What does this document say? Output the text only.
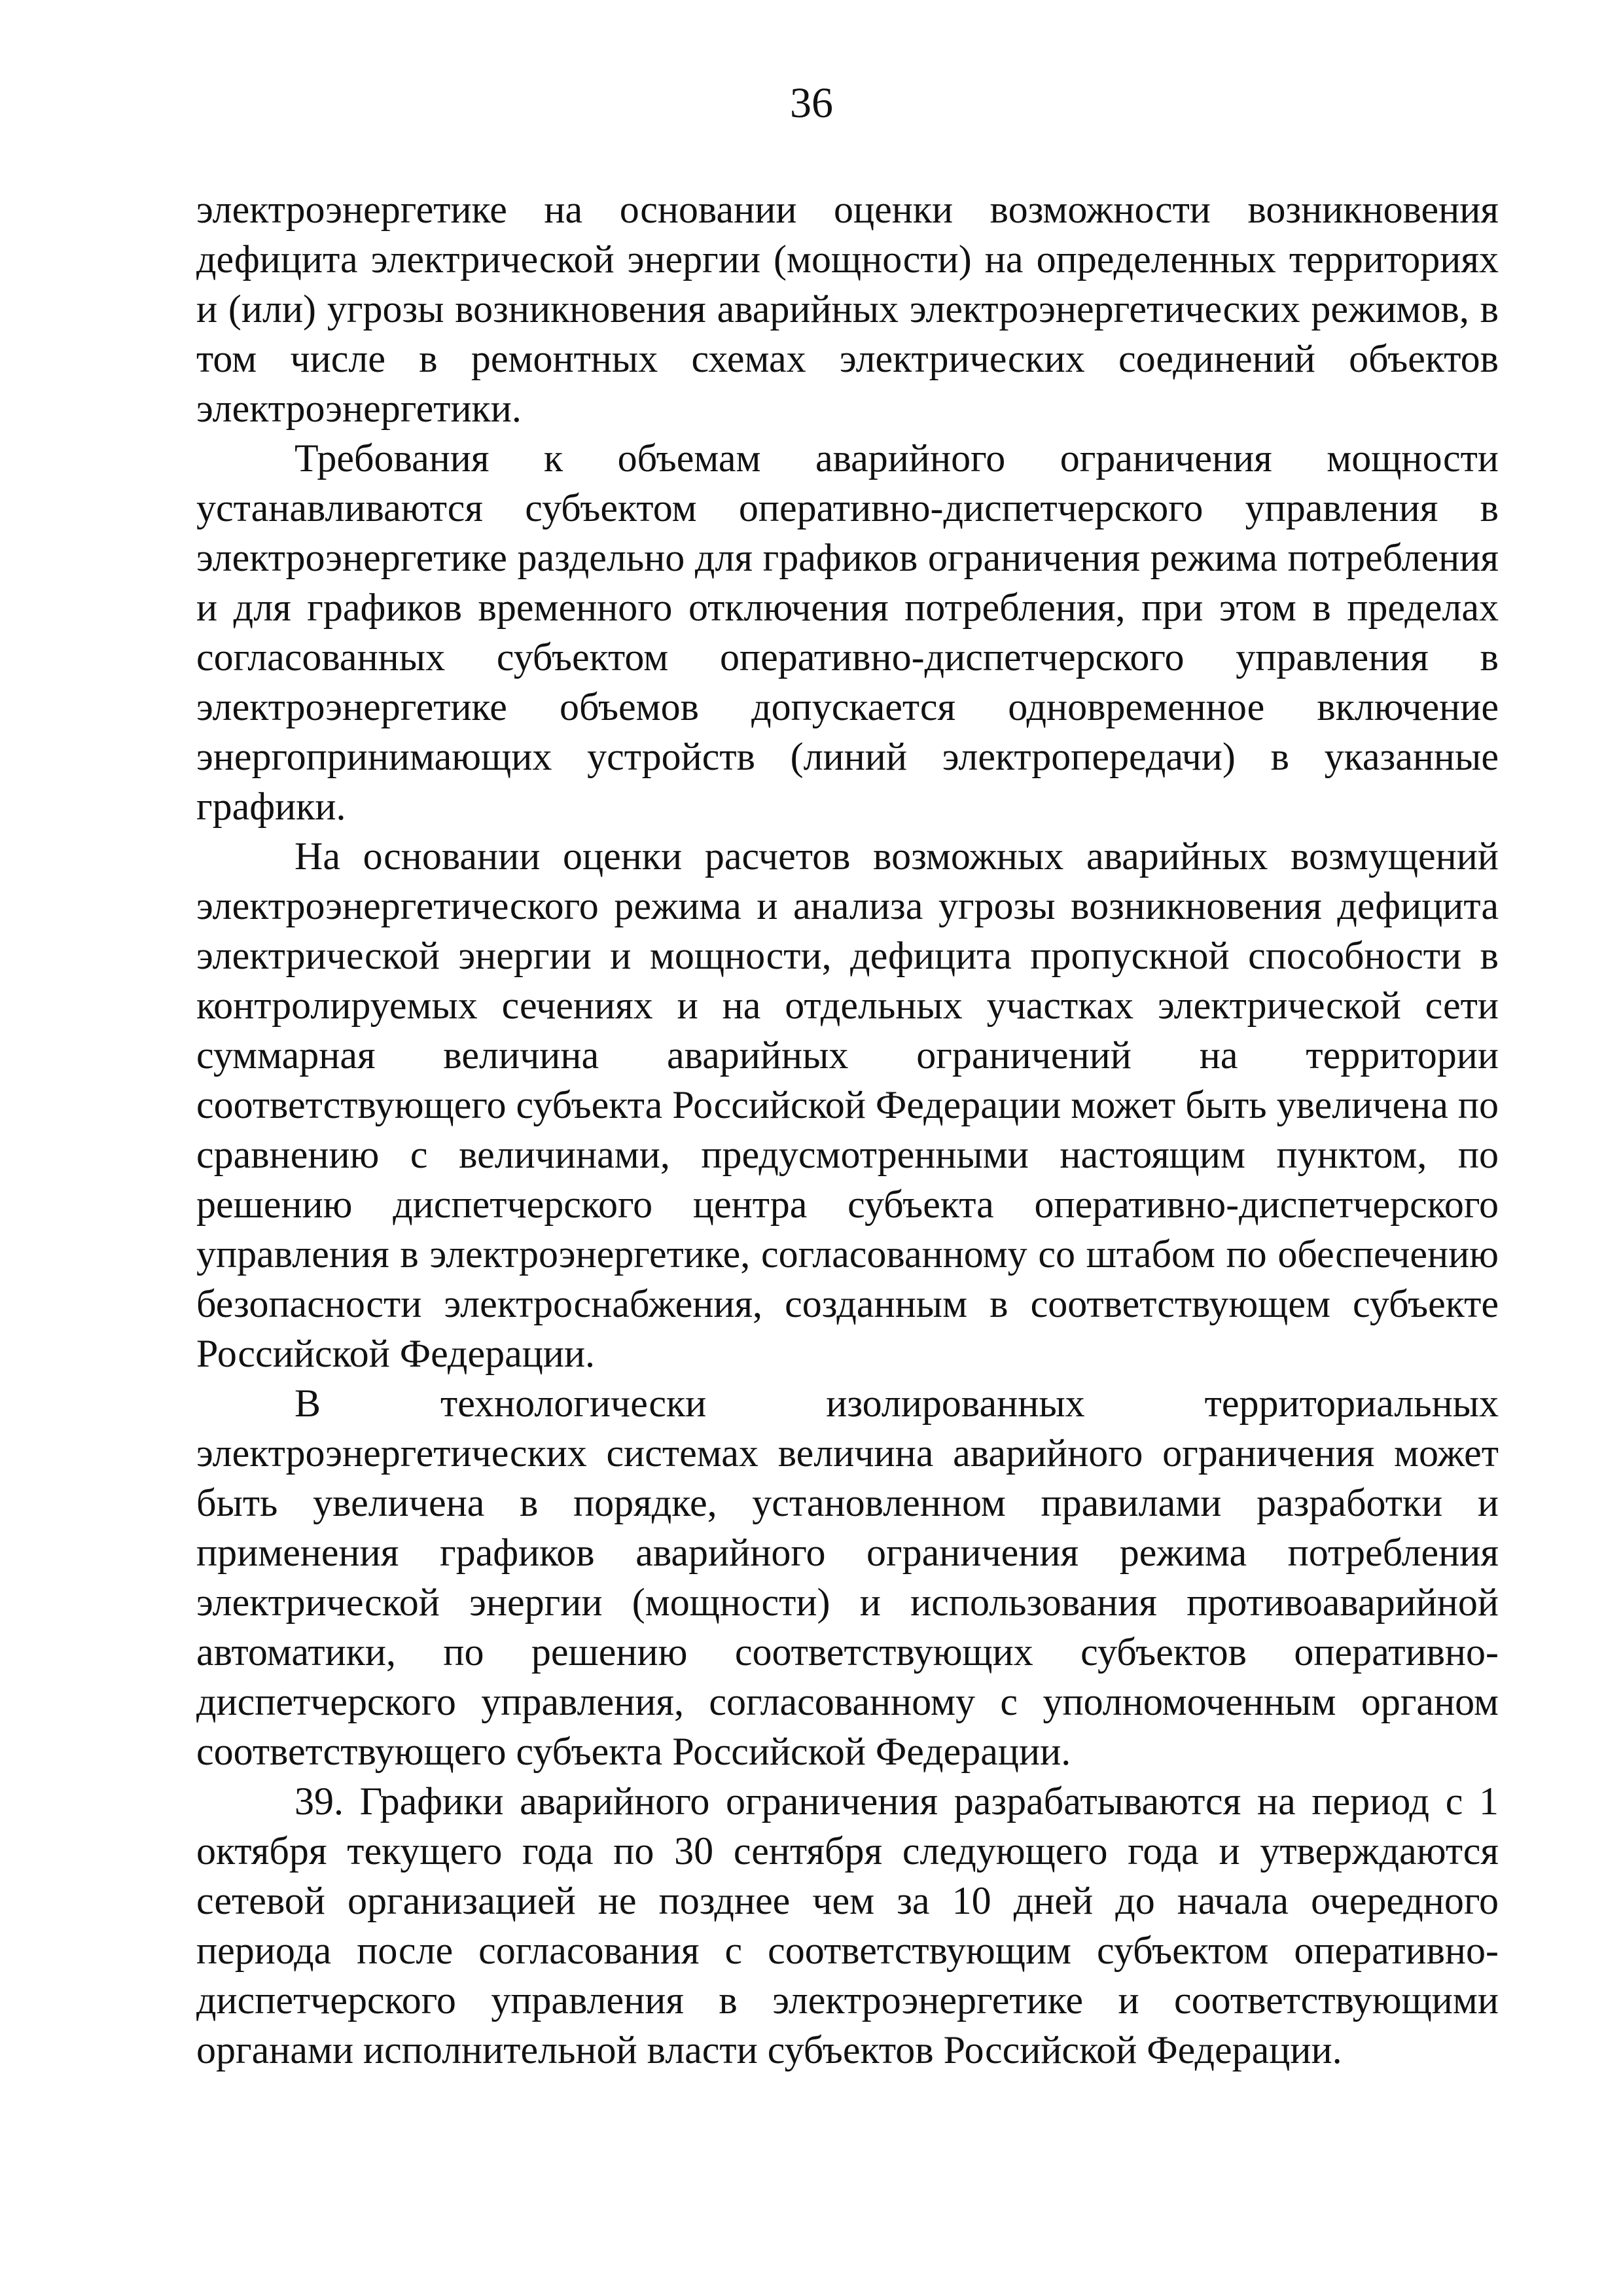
36

электроэнергетике на основании оценки возможности возникновения дефицита электрической энергии (мощности) на определенных территориях и (или) угрозы возникновения аварийных электроэнергетических режимов, в том числе в ремонтных схемах электрических соединений объектов электроэнергетики.

Требования к объемам аварийного ограничения мощности устанавливаются субъектом оперативно-диспетчерского управления в электроэнергетике раздельно для графиков ограничения режима потребления и для графиков временного отключения потребления, при этом в пределах согласованных субъектом оперативно-диспетчерского управления в электроэнергетике объемов допускается одновременное включение энергопринимающих устройств (линий электропередачи) в указанные графики.

На основании оценки расчетов возможных аварийных возмущений электроэнергетического режима и анализа угрозы возникновения дефицита электрической энергии и мощности, дефицита пропускной способности в контролируемых сечениях и на отдельных участках электрической сети суммарная величина аварийных ограничений на территории соответствующего субъекта Российской Федерации может быть увеличена по сравнению с величинами, предусмотренными настоящим пунктом, по решению диспетчерского центра субъекта оперативно-диспетчерского управления в электроэнергетике, согласованному со штабом по обеспечению безопасности электроснабжения, созданным в соответствующем субъекте Российской Федерации.

В технологически изолированных территориальных электроэнергетических системах величина аварийного ограничения может быть увеличена в порядке, установленном правилами разработки и применения графиков аварийного ограничения режима потребления электрической энергии (мощности) и использования противоаварийной автоматики, по решению соответствующих субъектов оперативно-диспетчерского управления, согласованному с уполномоченным органом соответствующего субъекта Российской Федерации.

39. Графики аварийного ограничения разрабатываются на период с 1 октября текущего года по 30 сентября следующего года и утверждаются сетевой организацией не позднее чем за 10 дней до начала очередного периода после согласования с соответствующим субъектом оперативно-диспетчерского управления в электроэнергетике и соответствующими органами исполнительной власти субъектов Российской Федерации.
